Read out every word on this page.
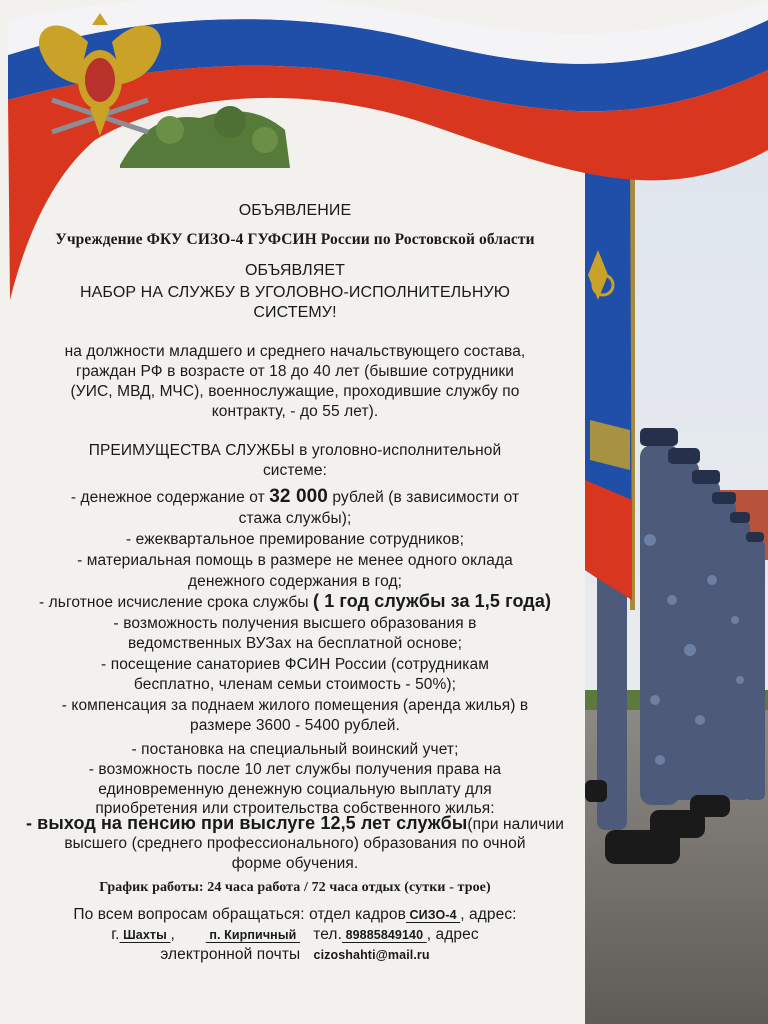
ОБЪЯВЛЕНИЕ
Учреждение ФКУ СИЗО-4 ГУФСИН России по Ростовской области
ОБЪЯВЛЯЕТ
НАБОР НА СЛУЖБУ В УГОЛОВНО-ИСПОЛНИТЕЛЬНУЮ
СИСТЕМУ!
на должности младшего и среднего начальствующего состава,
граждан РФ в возрасте от 18 до 40 лет (бывшие сотрудники
(УИС, МВД, МЧС), военнослужащие, проходившие службу по
контракту, - до 55 лет).
ПРЕИМУЩЕСТВА СЛУЖБЫ в уголовно-исполнительной
системе:
- денежное содержание от 32 000 рублей (в зависимости от
стажа службы);
- ежеквартальное премирование сотрудников;
- материальная помощь в размере не менее одного оклада
денежного содержания в год;
- льготное исчисление срока службы ( 1 год службы за 1,5 года)
- возможность получения высшего образования в
ведомственных ВУЗах на бесплатной основе;
- посещение санаториев ФСИН России (сотрудникам
бесплатно, членам семьи стоимость - 50%);
- компенсация за поднаем жилого помещения (аренда жилья) в
размере 3600 - 5400 рублей.
- постановка на специальный воинский учет;
- возможность после 10 лет службы получения права на
единовременную денежную социальную выплату для
приобретения или строительства собственного жилья:
- выход на пенсию при выслуге 12,5 лет службы(при наличии
высшего (среднего профессионального) образования по очной
форме обучения.
График работы: 24 часа работа / 72 часа отдых (сутки - трое)
По всем вопросам обращаться: отдел кадров СИЗО-4 , адрес:
г. Шахты ,        п. Кирпичный    тел. 89885849140 , адрес
электронной почты cizoshahti@mail.ru
